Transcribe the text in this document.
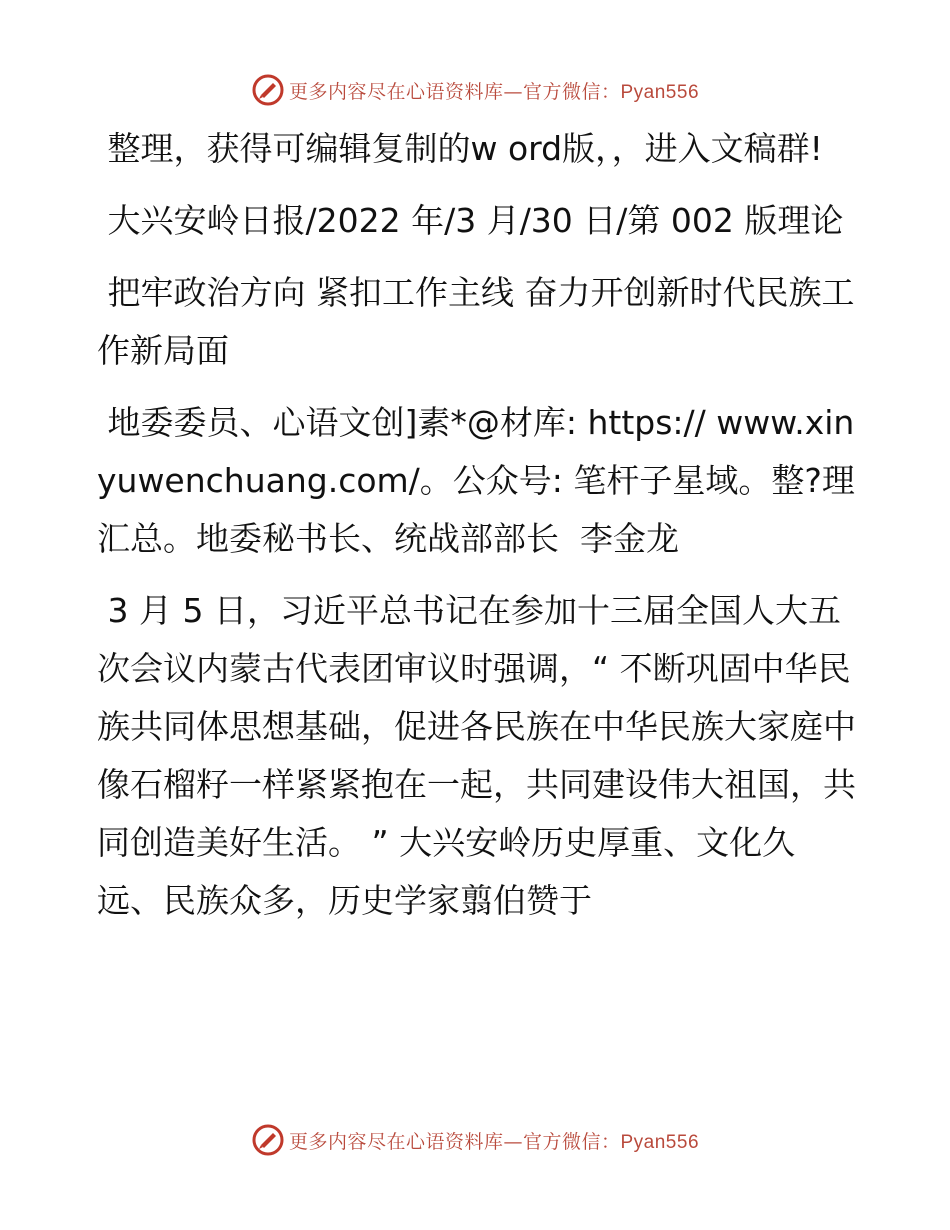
更多内容尽在心语资料库—官方微信：Pyan556

整理，获得可编辑复制的w ord版，，进入文稿群!

大兴安岭日报/2022 年/3 月/30 日/第 002 版理论

把牢政治方向 紧扣工作主线 奋力开创新时代民族工作新局面

地委委员、心语文创]素*@材库: https:// www.xinyuwenchuang.com/。公众号: 笔杆子星域。整?理汇总。地委秘书长、统战部部长  李金龙

3 月 5 日，习近平总书记在参加十三届全国人大五次会议内蒙古代表团审议时强调，“ 不断巩固中华民族共同体思想基础，促进各民族在中华民族大家庭中像石榴籽一样紧紧抱在一起，共同建设伟大祖国，共同创造美好生活。 ” 大兴安岭历史厚重、文化久远、民族众多，历史学家翦伯赞于

更多内容尽在心语资料库—官方微信：Pyan556
